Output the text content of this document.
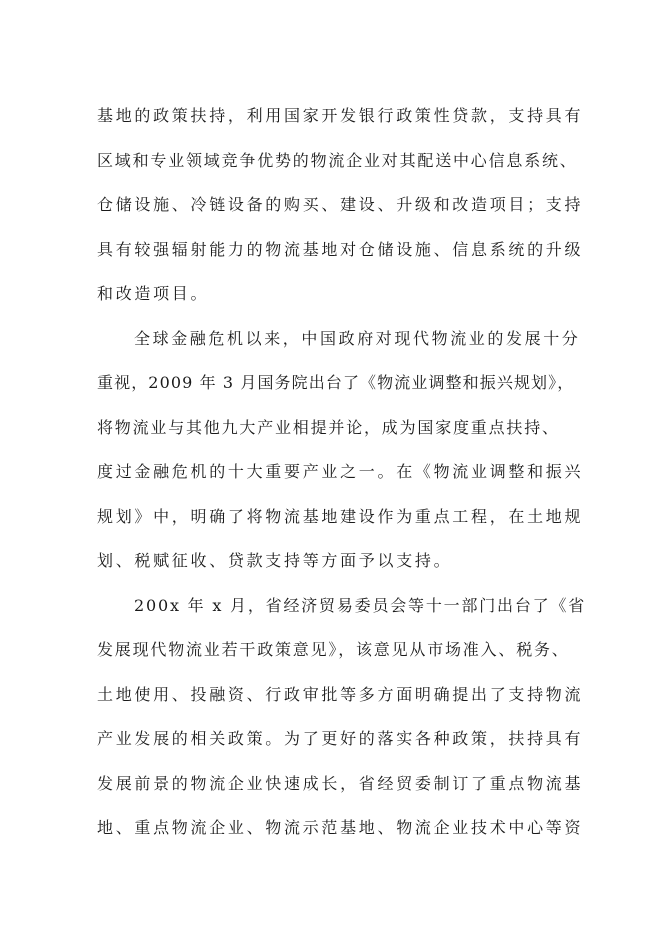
基地的政策扶持，利用国家开发银行政策性贷款，支持具有

区域和专业领域竞争优势的物流企业对其配送中心信息系统、

仓储设施、冷链设备的购买、建设、升级和改造项目；支持

具有较强辐射能力的物流基地对仓储设施、信息系统的升级

和改造项目。

全球金融危机以来，中国政府对现代物流业的发展十分

重视，2009 年 3 月国务院出台了《物流业调整和振兴规划》，

将物流业与其他九大产业相提并论，成为国家度重点扶持、

度过金融危机的十大重要产业之一。在《物流业调整和振兴

规划》中，明确了将物流基地建设作为重点工程，在土地规

划、税赋征收、贷款支持等方面予以支持。

200x 年 x 月，省经济贸易委员会等十一部门出台了《省

发展现代物流业若干政策意见》，该意见从市场准入、税务、

土地使用、投融资、行政审批等多方面明确提出了支持物流

产业发展的相关政策。为了更好的落实各种政策，扶持具有

发展前景的物流企业快速成长，省经贸委制订了重点物流基

地、重点物流企业、物流示范基地、物流企业技术中心等资
